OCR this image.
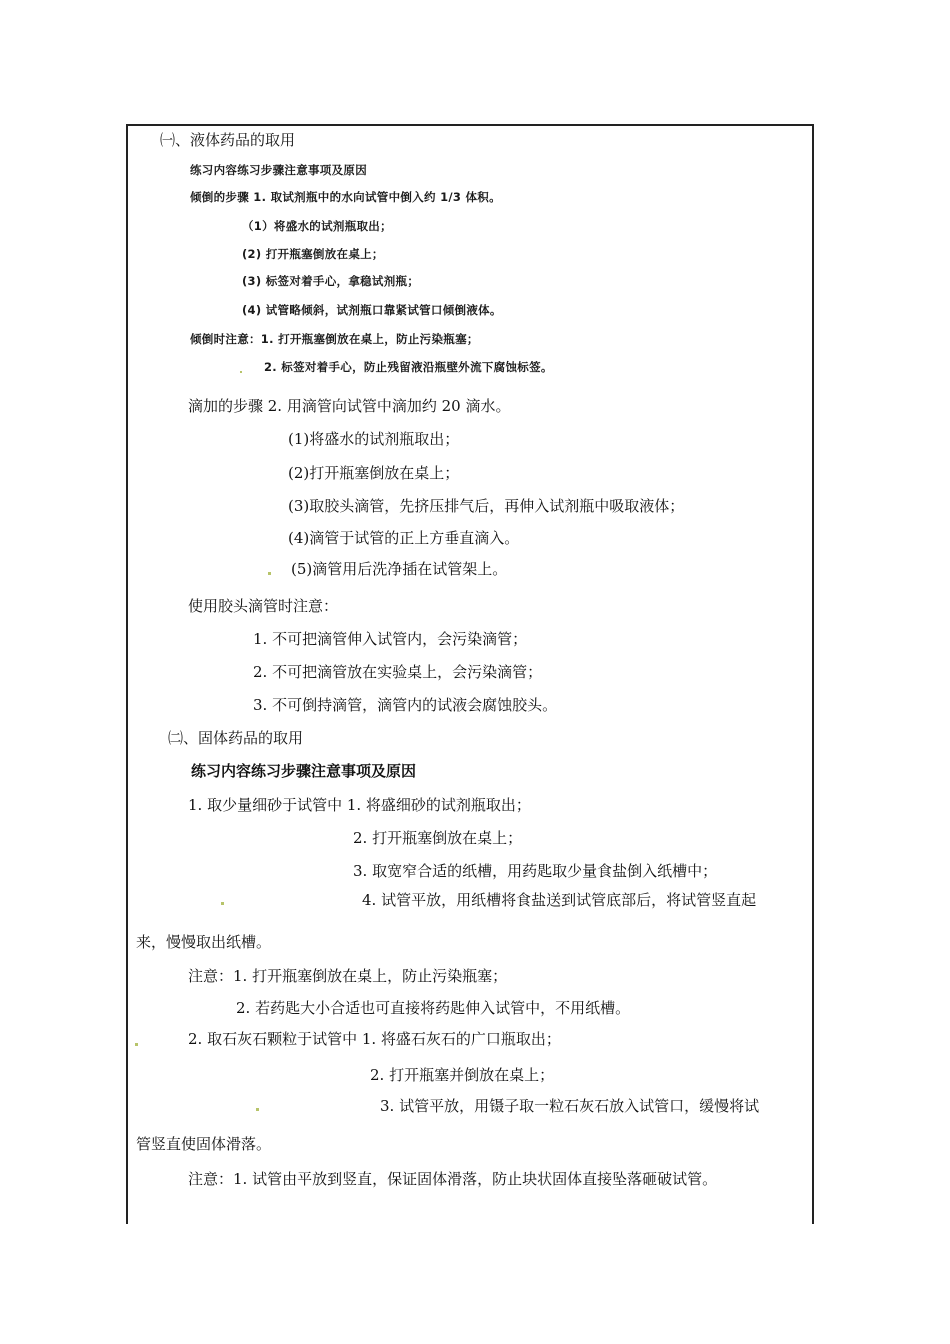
㈠、液体药品的取用
练习内容练习步骤注意事项及原因
倾倒的步骤 1. 取试剂瓶中的水向试管中倒入约 1/3 体积。
（1）将盛水的试剂瓶取出；
(2) 打开瓶塞倒放在桌上；
(3) 标签对着手心，拿稳试剂瓶；
(4) 试管略倾斜，试剂瓶口靠紧试管口倾倒液体。
倾倒时注意：1. 打开瓶塞倒放在桌上，防止污染瓶塞；
2. 标签对着手心，防止残留液沿瓶壁外流下腐蚀标签。
滴加的步骤 2. 用滴管向试管中滴加约 20 滴水。
(1)将盛水的试剂瓶取出；
(2)打开瓶塞倒放在桌上；
(3)取胶头滴管，先挤压排气后，再伸入试剂瓶中吸取液体；
(4)滴管于试管的正上方垂直滴入。
(5)滴管用后洗净插在试管架上。
使用胶头滴管时注意：
1. 不可把滴管伸入试管内，会污染滴管；
2. 不可把滴管放在实验桌上，会污染滴管；
3. 不可倒持滴管，滴管内的试液会腐蚀胶头。
㈡、固体药品的取用
练习内容练习步骤注意事项及原因
1. 取少量细砂于试管中 1. 将盛细砂的试剂瓶取出；
2. 打开瓶塞倒放在桌上；
3. 取宽窄合适的纸槽，用药匙取少量食盐倒入纸槽中；
4. 试管平放，用纸槽将食盐送到试管底部后，将试管竖直起
来，慢慢取出纸槽。
注意：1. 打开瓶塞倒放在桌上，防止污染瓶塞；
2. 若药匙大小合适也可直接将药匙伸入试管中，不用纸槽。
2. 取石灰石颗粒于试管中 1. 将盛石灰石的广口瓶取出；
2. 打开瓶塞并倒放在桌上；
3. 试管平放，用镊子取一粒石灰石放入试管口，缓慢将试
管竖直使固体滑落。
注意：1. 试管由平放到竖直，保证固体滑落，防止块状固体直接坠落砸破试管。
